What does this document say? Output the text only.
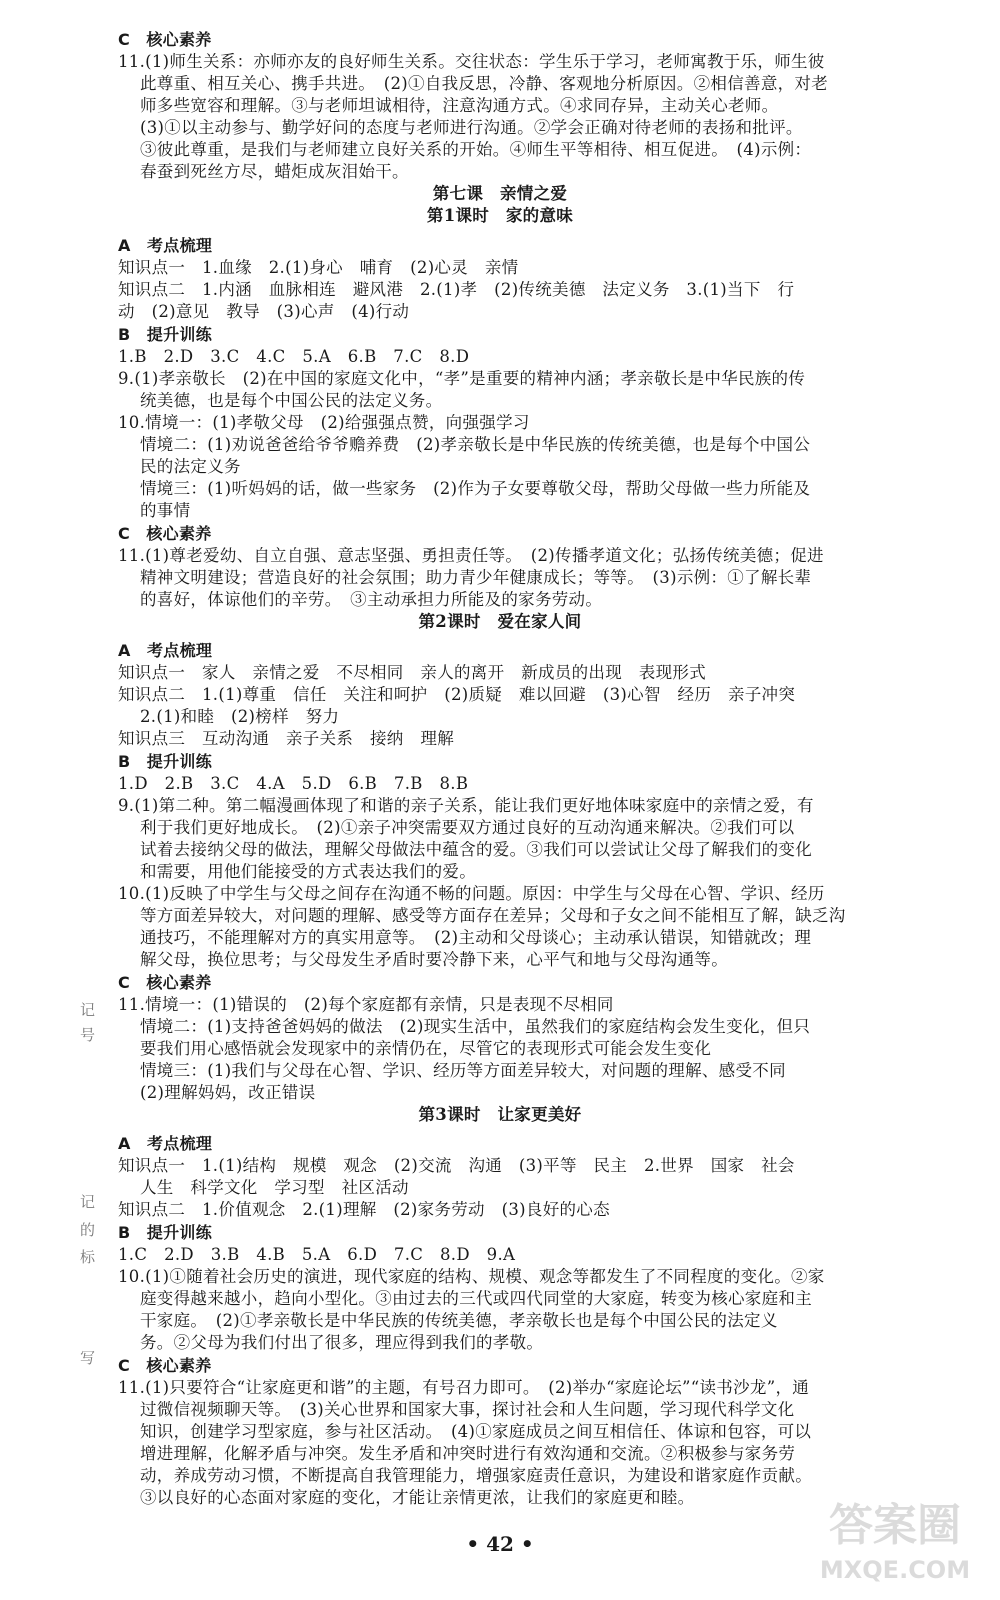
C　核心素养
11.(1)师生关系：亦师亦友的良好师生关系。交往状态：学生乐于学习，老师寓教于乐，师生彼
此尊重、相互关心、携手共进。　(2)①自我反思，冷静、客观地分析原因。②相信善意，对老
师多些宽容和理解。③与老师坦诚相待，注意沟通方式。④求同存异，主动关心老师。
(3)①以主动参与、勤学好问的态度与老师进行沟通。②学会正确对待老师的表扬和批评。
③彼此尊重，是我们与老师建立良好关系的开始。④师生平等相待、相互促进。　(4)示例：
春蚕到死丝方尽，蜡炬成灰泪始干。
第七课　亲情之爱
第1课时　家的意味
A　考点梳理
知识点一　1.血缘　2.(1)身心　哺育　(2)心灵　亲情
知识点二　1.内涵　血脉相连　避风港　2.(1)孝　(2)传统美德　法定义务　3.(1)当下　行
动　(2)意见　教导　(3)心声　(4)行动
B　提升训练
1.B　2.D　3.C　4.C　5.A　6.B　7.C　8.D
9.(1)孝亲敬长　(2)在中国的家庭文化中，“孝”是重要的精神内涵；孝亲敬长是中华民族的传
统美德，也是每个中国公民的法定义务。
10.情境一：(1)孝敬父母　(2)给强强点赞，向强强学习
情境二：(1)劝说爸爸给爷爷赡养费　(2)孝亲敬长是中华民族的传统美德，也是每个中国公
民的法定义务
情境三：(1)听妈妈的话，做一些家务　(2)作为子女要尊敬父母，帮助父母做一些力所能及
的事情
C　核心素养
11.(1)尊老爱幼、自立自强、意志坚强、勇担责任等。　(2)传播孝道文化；弘扬传统美德；促进
精神文明建设；营造良好的社会氛围；助力青少年健康成长；等等。　(3)示例：①了解长辈
的喜好，体谅他们的辛劳。　③主动承担力所能及的家务劳动。
第2课时　爱在家人间
A　考点梳理
知识点一　家人　亲情之爱　不尽相同　亲人的离开　新成员的出现　表现形式
知识点二　1.(1)尊重　信任　关注和呵护　(2)质疑　难以回避　(3)心智　经历　亲子冲突
2.(1)和睦　(2)榜样　努力
知识点三　互动沟通　亲子关系　接纳　理解
B　提升训练
1.D　2.B　3.C　4.A　5.D　6.B　7.B　8.B
9.(1)第二种。第二幅漫画体现了和谐的亲子关系，能让我们更好地体味家庭中的亲情之爱，有
利于我们更好地成长。　(2)①亲子冲突需要双方通过良好的互动沟通来解决。②我们可以
试着去接纳父母的做法，理解父母做法中蕴含的爱。③我们可以尝试让父母了解我们的变化
和需要，用他们能接受的方式表达我们的爱。
10.(1)反映了中学生与父母之间存在沟通不畅的问题。原因：中学生与父母在心智、学识、经历
等方面差异较大，对问题的理解、感受等方面存在差异；父母和子女之间不能相互了解，缺乏沟
通技巧，不能理解对方的真实用意等。　(2)主动和父母谈心；主动承认错误，知错就改；理
解父母，换位思考；与父母发生矛盾时要冷静下来，心平气和地与父母沟通等。
C　核心素养
11.情境一：(1)错误的　(2)每个家庭都有亲情，只是表现不尽相同
情境二：(1)支持爸爸妈妈的做法　(2)现实生活中，虽然我们的家庭结构会发生变化，但只
要我们用心感悟就会发现家中的亲情仍在，尽管它的表现形式可能会发生变化
情境三：(1)我们与父母在心智、学识、经历等方面差异较大，对问题的理解、感受不同
(2)理解妈妈，改正错误
第3课时　让家更美好
A　考点梳理
知识点一　1.(1)结构　规模　观念　(2)交流　沟通　(3)平等　民主　2.世界　国家　社会
人生　科学文化　学习型　社区活动
知识点二　1.价值观念　2.(1)理解　(2)家务劳动　(3)良好的心态
B　提升训练
1.C　2.D　3.B　4.B　5.A　6.D　7.C　8.D　9.A
10.(1)①随着社会历史的演进，现代家庭的结构、规模、观念等都发生了不同程度的变化。②家
庭变得越来越小，趋向小型化。③由过去的三代或四代同堂的大家庭，转变为核心家庭和主
干家庭。　(2)①孝亲敬长是中华民族的传统美德，孝亲敬长也是每个中国公民的法定义
务。②父母为我们付出了很多，理应得到我们的孝敬。
C　核心素养
11.(1)只要符合“让家庭更和谐”的主题，有号召力即可。　(2)举办“家庭论坛”“读书沙龙”，通
过微信视频聊天等。　(3)关心世界和国家大事，探讨社会和人生问题，学习现代科学文化
知识，创建学习型家庭，参与社区活动。　(4)①家庭成员之间互相信任、体谅和包容，可以
增进理解，化解矛盾与冲突。发生矛盾和冲突时进行有效沟通和交流。②积极参与家务劳
动，养成劳动习惯，不断提高自我管理能力，增强家庭责任意识，为建设和谐家庭作贡献。
③以良好的心态面对家庭的变化，才能让亲情更浓，让我们的家庭更和睦。
记
号
记
的
标
写
• 42 •	答案圈
MXQE.COM
